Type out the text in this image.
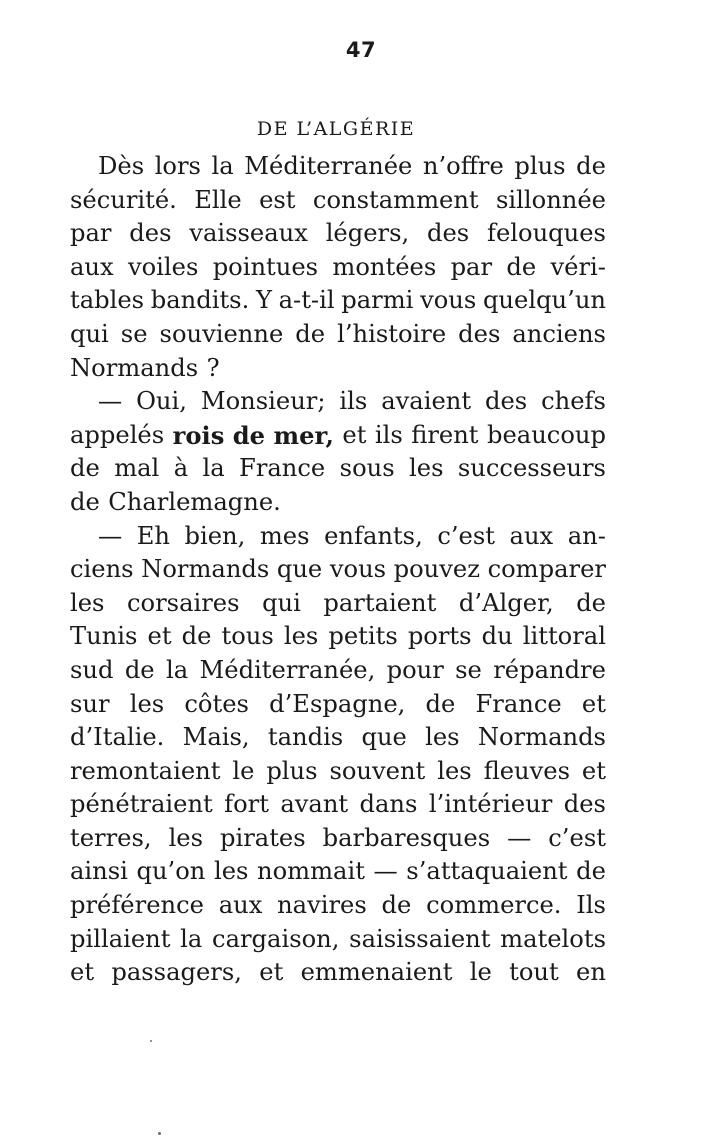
47
DE L’ALGÉRIE
Dès lors la Méditerranée n’offre plus de
sécurité. Elle est constamment sillonnée
par des vaisseaux légers, des felouques
aux voiles pointues montées par de véri-
tables bandits. Y a-t-il parmi vous quelqu’un
qui se souvienne de l’histoire des anciens
Normands ?
— Oui, Monsieur; ils avaient des chefs
appelés rois de mer, et ils firent beaucoup
de mal à la France sous les successeurs
de Charlemagne.
— Eh bien, mes enfants, c’est aux an-
ciens Normands que vous pouvez comparer
les corsaires qui partaient d’Alger, de
Tunis et de tous les petits ports du littoral
sud de la Méditerranée, pour se répandre
sur les côtes d’Espagne, de France et
d’Italie. Mais, tandis que les Normands
remontaient le plus souvent les fleuves et
pénétraient fort avant dans l’intérieur des
terres, les pirates barbaresques — c’est
ainsi qu’on les nommait — s’attaquaient de
préférence aux navires de commerce. Ils
pillaient la cargaison, saisissaient matelots
et passagers, et emmenaient le tout en
